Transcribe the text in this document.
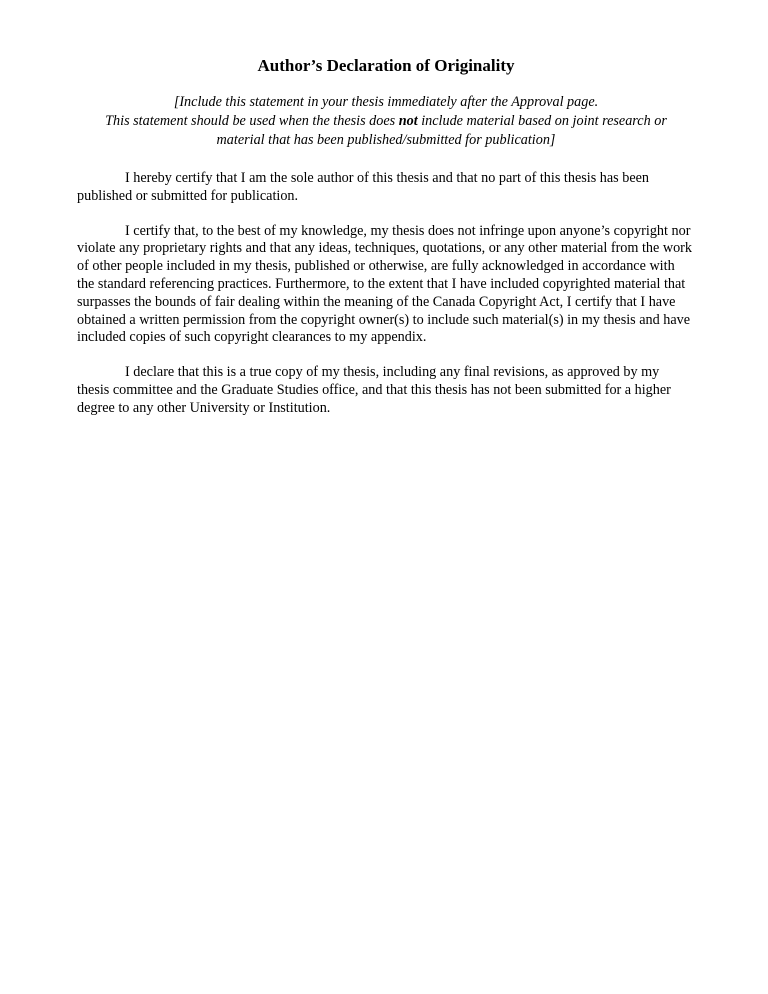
Author’s Declaration of Originality
[Include this statement in your thesis immediately after the Approval page.
This statement should be used when the thesis does not include material based on joint research or
material that has been published/submitted for publication]

I hereby certify that I am the sole author of this thesis and that no part of this thesis has been published or submitted for publication.

I certify that, to the best of my knowledge, my thesis does not infringe upon anyone’s copyright nor violate any proprietary rights and that any ideas, techniques, quotations, or any other material from the work of other people included in my thesis, published or otherwise, are fully acknowledged in accordance with the standard referencing practices. Furthermore, to the extent that I have included copyrighted material that surpasses the bounds of fair dealing within the meaning of the Canada Copyright Act, I certify that I have obtained a written permission from the copyright owner(s) to include such material(s) in my thesis and have included copies of such copyright clearances to my appendix.

I declare that this is a true copy of my thesis, including any final revisions, as approved by my thesis committee and the Graduate Studies office, and that this thesis has not been submitted for a higher degree to any other University or Institution.
